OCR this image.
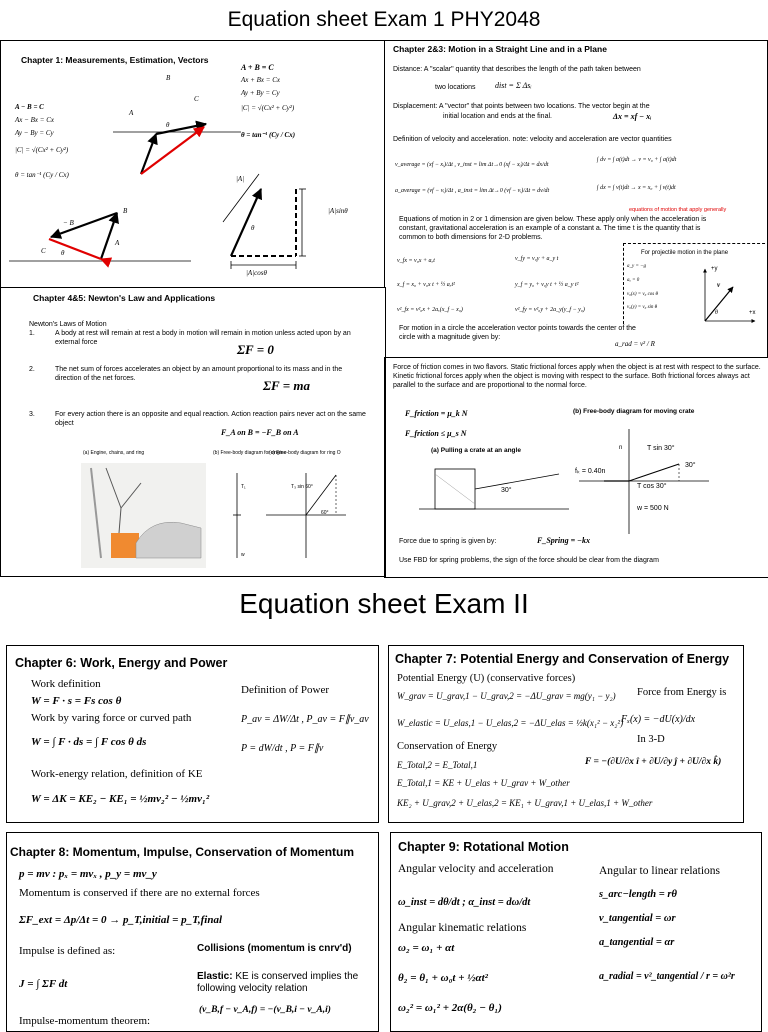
Equation sheet Exam 1 PHY2048
Chapter 1: Measurements, Estimation, Vectors
B
A
C
θ
A + B = C
Ax + Bx = Cx
Ay + By = Cy
|C| = √(Cx² + Cy²)
θ = tan⁻¹ (Cy / Cx)
A − B = C
Ax − Bx = Cx
Ay − By = Cy
|C| = √(Cx² + Cy²)
θ = tan⁻¹ (Cy / Cx)
− B
B
A
C θ
|A|
θ
|A|sinθ
|A|cosθ
Chapter 2&3: Motion in a Straight Line and in a Plane
Distance: A "scalar" quantity that describes the length of the path taken between
two locations dist = Σ Δsᵢ
Displacement: A "vector" that points between two locations. The vector begin at the
initial location and ends at the final.	Δx = xf − xᵢ
Definition of velocity and acceleration. note: velocity and acceleration are vector quantities
v_average = (xf − xᵢ)/Δt , v_inst = lim Δt→0 (xf − xᵢ)/Δt = dx/dt
a_average = (vf − vᵢ)/Δt , a_inst = lim Δt→0 (vf − vᵢ)/Δt = dv/dt
∫ dv = ∫ a(t)dt → v = v₀ + ∫ a(t)dt
∫ dx = ∫ v(t)dt → x = x₀ + ∫ v(t)dt
equations of motion that apply generally
Equations of motion in 2 or 1 dimension are given below. These apply only when the acceleration is constant, gravitational acceleration is an example of a constant a. The time t is the quantity that is common to both dimensions for 2-D problems.
v_fx = v₀x + aₓt	v_fy = v₀y + a_y t
x_f = x₀ + v₀x t + ½ aₓt²	y_f = y₀ + v₀y t + ½ a_y t²
v²_fx = v²₀x + 2aₓ(x_f − x₀)	v²_fy = v²₀y + 2a_y(y_f − y₀)
For projectile motion in the plane
a_y = −g
aₓ = 0
v₀(x) = v₀ cos θ
v₀(y) = v₀ sin θ
+y
+x
v
θ
For motion in a circle the acceleration vector points towards the center of the circle with a magnitude given by:
a_rad = v² / R
Chapter 4&5: Newton's Law and Applications
Newton's Laws of Motion
1.	A body at rest will remain at rest a body in motion will remain in motion unless acted upon by an external force	ΣF = 0
2.	The net sum of forces accelerates an object by an amount proportional to its mass and in the direction of the net forces.	ΣF = ma
3.	For every action there is an opposite and equal reaction. Action reaction pairs never act on the same object
F_A on B = −F_B on A
(a) Engine, chains, and ring	(b) Free-body diagram for engine
(c) Free-body diagram for ring O
T₁
w
T₃ sin 60°
60°
Force of friction comes in two flavors. Static frictional forces apply when the object is at rest with respect to the surface. Kinetic frictional forces apply when the object is moving with respect to the surface. Both frictional forces always act parallel to the surface and are proportional to the normal force.
F_friction = μ_k N
F_friction ≤ μ_s N
(a) Pulling a crate at an angle
(b) Free-body diagram for moving crate
30°
n	T sin 30°
30°
fₖ = 0.40n
T cos 30°
w = 500 N
Force due to spring is given by:	F_Spring = −kx
Use FBD for spring problems, the sign of the force should be clear from the diagram
Equation sheet Exam II
Chapter 6: Work, Energy and Power
Work definition
W = F · s = Fs cos θ
Work by varing force or curved path
W = ∫ F · ds = ∫ F cos θ ds
Work-energy relation, definition of KE
W = ΔK = KE₂ − KE₁ = ½mv₂² − ½mv₁²
Definition of Power
P_av = ΔW/Δt , P_av = F∥v_av
P = dW/dt , P = F∥v
Chapter 7: Potential Energy and Conservation of Energy
Potential Energy (U) (conservative forces)
W_grav = U_grav,1 − U_grav,2 = −ΔU_grav = mg(y₁ − y₂)
W_elastic = U_elas,1 − U_elas,2 = −ΔU_elas = ½k(x₁² − x₂²)
Force from Energy is
Fₓ(x) = −dU(x)/dx
In 3-D
F = −(∂U/∂x î + ∂U/∂y ĵ + ∂U/∂x k̂)
Conservation of Energy
E_Total,2 = E_Total,1
E_Total,1 = KE + U_elas + U_grav + W_other
KE₂ + U_grav,2 + U_elas,2 = KE₁ + U_grav,1 + U_elas,1 + W_other
Chapter 8: Momentum, Impulse, Conservation of Momentum
p = mv : pₓ = mvₓ , p_y = mv_y
Momentum is conserved if there are no external forces
ΣF_ext = Δp/Δt = 0 → p_T,initial = p_T,final
Impulse is defined as:
J = ∫ ΣF dt
Impulse-momentum theorem:
Collisions (momentum is cnrv'd)
Elastic: KE is conserved implies the following velocity relation
(v_B,f − v_A,f) = −(v_B,i − v_A,i)
Chapter 9: Rotational Motion
Angular velocity and acceleration
ω_inst = dθ/dt ; α_inst = dω/dt
Angular kinematic relations
ω₂ = ω₁ + αt
θ₂ = θ₁ + ω₀t + ½αt²
ω₂² = ω₁² + 2α(θ₂ − θ₁)
Angular to linear relations
s_arc−length = rθ
v_tangential = ωr
a_tangential = αr
a_radial = v²_tangential / r = ω²r
